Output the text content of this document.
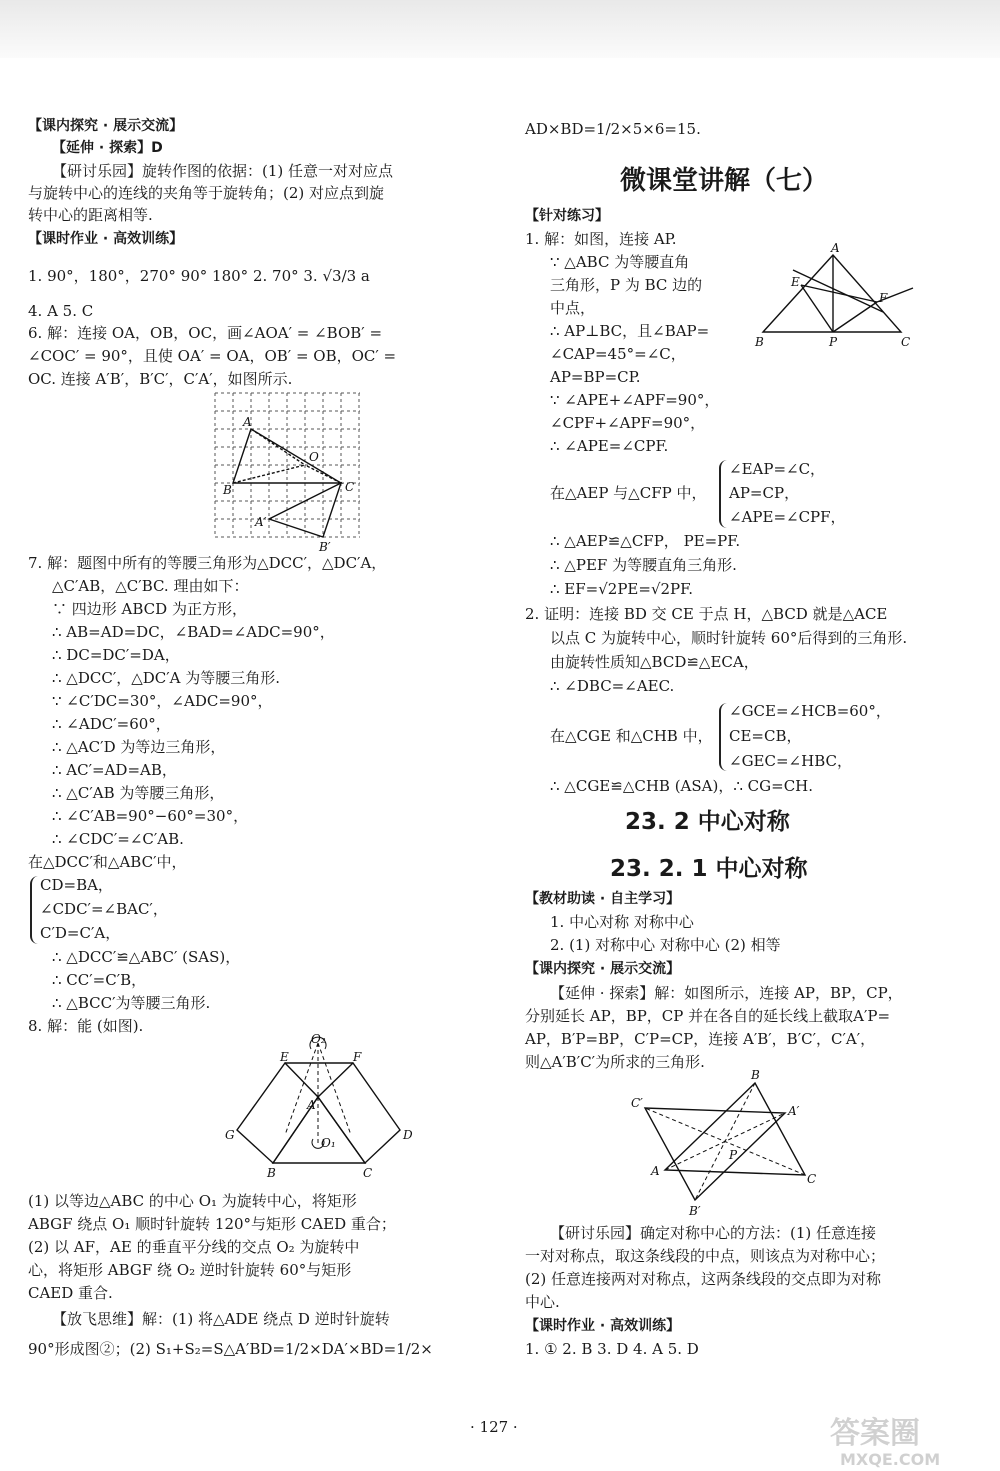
【课内探究 · 展示交流】
【延伸 · 探索】D
【研讨乐园】旋转作图的依据：(1) 任意一对对应点
与旋转中心的连线的夹角等于旋转角；(2) 对应点到旋
转中心的距离相等.
【课时作业 · 高效训练】
1. 90°，180°，270° 90° 180° 2. 70° 3. √3/3 a
4. A 5. C
6. 解：连接 OA，OB，OC，画∠AOA′ = ∠BOB′ =
∠COC′ = 90°，且使 OA′ = OA，OB′ = OB，OC′ =
OC. 连接 A′B′，B′C′，C′A′，如图所示.
A
O
B	C
A′
B′
7. 解：题图中所有的等腰三角形为△DCC′，△DC′A，
△C′AB，△C′BC. 理由如下：
∵ 四边形 ABCD 为正方形，
∴ AB=AD=DC，∠BAD=∠ADC=90°，
∴ DC=DC′=DA，
∴ △DCC′，△DC′A 为等腰三角形.
∵ ∠C′DC=30°，∠ADC=90°，
∴ ∠ADC′=60°，
∴ △AC′D 为等边三角形，
∴ AC′=AD=AB，
∴ △C′AB 为等腰三角形，
∴ ∠C′AB=90°−60°=30°，
∴ ∠CDC′=∠C′AB.
在△DCC′和△ABC′中，
CD=BA，
∠CDC′=∠BAC′，
C′D=C′A，
∴ △DCC′≌△ABC′ (SAS)，
∴ CC′=C′B，
∴ △BCC′为等腰三角形.
8. 解：能 (如图).
O₂
E	F
A
G
O₁
B	C
D
(1) 以等边△ABC 的中心 O₁ 为旋转中心，将矩形
ABGF 绕点 O₁ 顺时针旋转 120°与矩形 CAED 重合；
(2) 以 AF，AE 的垂直平分线的交点 O₂ 为旋转中
心，将矩形 ABGF 绕 O₂ 逆时针旋转 60°与矩形
CAED 重合.
【放飞思维】解：(1) 将△ADE 绕点 D 逆时针旋转
90°形成图②；(2) S₁+S₂=S△A′BD=1/2×DA′×BD=1/2×
AD×BD=1/2×5×6=15.
微课堂讲解（七）
【针对练习】
1. 解：如图，连接 AP.
∵ △ABC 为等腰直角
三角形，P 为 BC 边的
中点，
∴ AP⊥BC，且∠BAP=
∠CAP=45°=∠C，
AP=BP=CP.
∵ ∠APE+∠APF=90°，
∠CPF+∠APF=90°，
∴ ∠APE=∠CPF.
A
E
F
B	P	C
在△AEP 与△CFP 中，
∠EAP=∠C，
AP=CP，
∠APE=∠CPF，
∴ △AEP≌△CFP， PE=PF.
∴ △PEF 为等腰直角三角形.
∴ EF=√2PE=√2PF.
2. 证明：连接 BD 交 CE 于点 H，△BCD 就是△ACE
以点 C 为旋转中心，顺时针旋转 60°后得到的三角形.
由旋转性质知△BCD≌△ECA，
∴ ∠DBC=∠AEC.
在△CGE 和△CHB 中，
∠GCE=∠HCB=60°，
CE=CB，
∠GEC=∠HBC，
∴ △CGE≌△CHB (ASA)，∴ CG=CH.
23. 2 中心对称
23. 2. 1 中心对称
【教材助读 · 自主学习】
1. 中心对称 对称中心
2. (1) 对称中心 对称中心 (2) 相等
【课内探究 · 展示交流】
【延伸 · 探索】解：如图所示，连接 AP，BP，CP，
分别延长 AP，BP，CP 并在各自的延长线上截取A′P=
AP，B′P=BP，C′P=CP，连接 A′B′，B′C′，C′A′，
则△A′B′C′为所求的三角形.
B
C′
A′
P
A
C
B′
【研讨乐园】确定对称中心的方法：(1) 任意连接
一对对称点，取这条线段的中点，则该点为对称中心；
(2) 任意连接两对对称点，这两条线段的交点即为对称
中心.
【课时作业 · 高效训练】
1. ① 2. B 3. D 4. A 5. D
· 127 ·	答案圈
MXQE.COM
